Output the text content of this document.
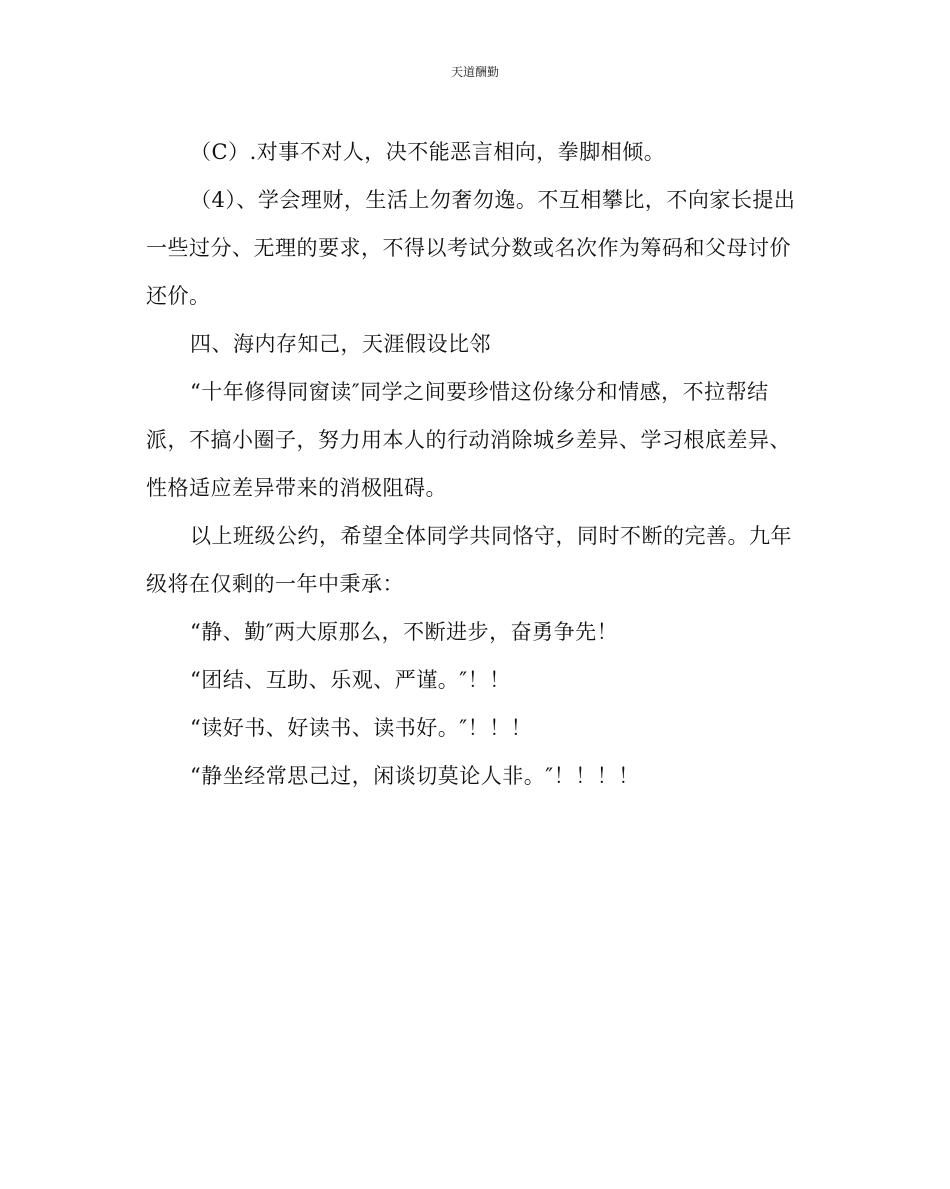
天道酬勤

（C）.对事不对人，决不能恶言相向，拳脚相倾。

（4）、学会理财，生活上勿奢勿逸。不互相攀比，不向家长提出一些过分、无理的要求，不得以考试分数或名次作为筹码和父母讨价还价。

四、海内存知己，天涯假设比邻

“十年修得同窗读″同学之间要珍惜这份缘分和情感，不拉帮结派，不搞小圈子，努力用本人的行动消除城乡差异、学习根底差异、性格适应差异带来的消极阻碍。

以上班级公约，希望全体同学共同恪守，同时不断的完善。九年级将在仅剩的一年中秉承：

“静、勤″两大原那么，不断进步，奋勇争先！

“团结、互助、乐观、严谨。″！！

“读好书、好读书、读书好。″！！！

“静坐经常思己过，闲谈切莫论人非。″！！！！
